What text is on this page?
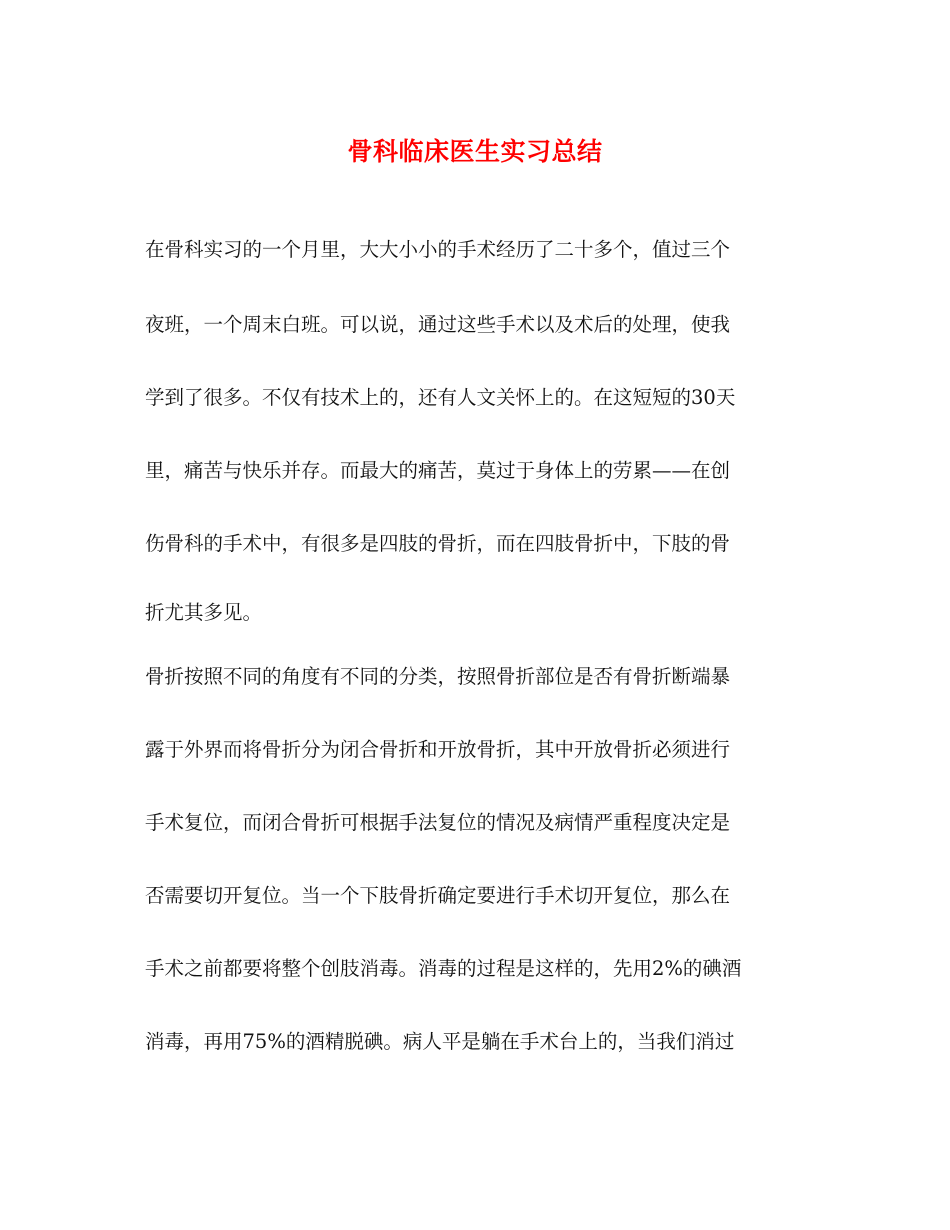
骨科临床医生实习总结

在骨科实习的一个月里，大大小小的手术经历了二十多个，值过三个

夜班，一个周末白班。可以说，通过这些手术以及术后的处理，使我

学到了很多。不仅有技术上的，还有人文关怀上的。在这短短的30天

里，痛苦与快乐并存。而最大的痛苦，莫过于身体上的劳累——在创

伤骨科的手术中，有很多是四肢的骨折，而在四肢骨折中，下肢的骨

折尤其多见。

骨折按照不同的角度有不同的分类，按照骨折部位是否有骨折断端暴

露于外界而将骨折分为闭合骨折和开放骨折，其中开放骨折必须进行

手术复位，而闭合骨折可根据手法复位的情况及病情严重程度决定是

否需要切开复位。当一个下肢骨折确定要进行手术切开复位，那么在

手术之前都要将整个创肢消毒。消毒的过程是这样的，先用2%的碘酒

消毒，再用75%的酒精脱碘。病人平是躺在手术台上的，当我们消过
